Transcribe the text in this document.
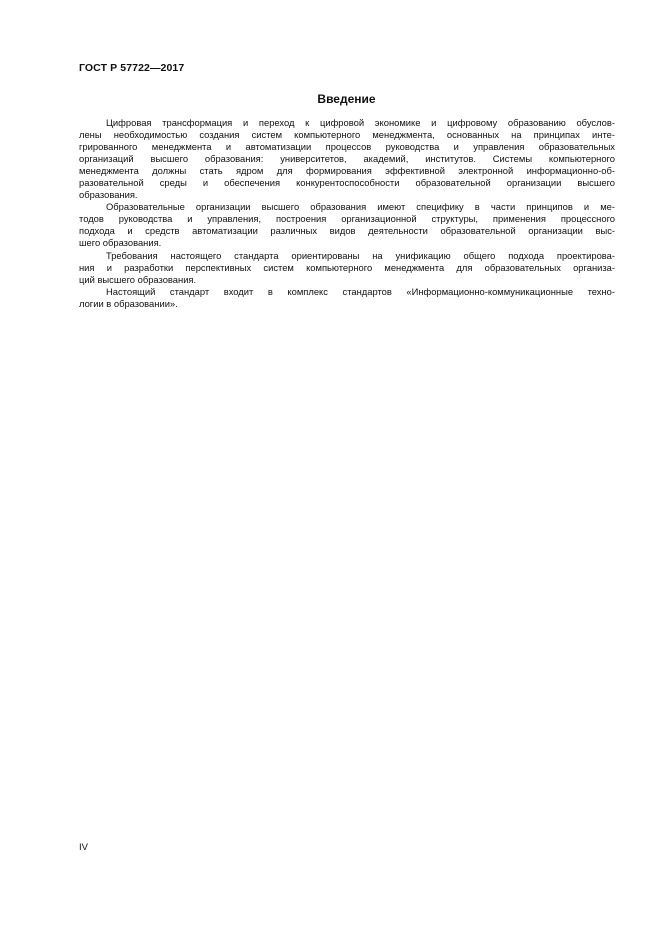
ГОСТ Р 57722—2017
Введение

Цифровая трансформация и переход к цифровой экономике и цифровому образованию обуслов-
лены необходимостью создания систем компьютерного менеджмента, основанных на принципах инте-
грированного менеджмента и автоматизации процессов руководства и управления образовательных
организаций высшего образования: университетов, академий, институтов. Системы компьютерного
менеджмента должны стать ядром для формирования эффективной электронной информационно-об-
разовательной среды и обеспечения конкурентоспособности образовательной организации высшего
образования.

Образовательные организации высшего образования имеют специфику в части принципов и ме-
тодов руководства и управления, построения организационной структуры, применения процессного
подхода и средств автоматизации различных видов деятельности образовательной организации выс-
шего образования.

Требования настоящего стандарта ориентированы на унификацию общего подхода проектирова-
ния и разработки перспективных систем компьютерного менеджмента для образовательных организа-
ций высшего образования.

Настоящий стандарт входит в комплекс стандартов «Информационно-коммуникационные техно-
логии в образовании».

IV
